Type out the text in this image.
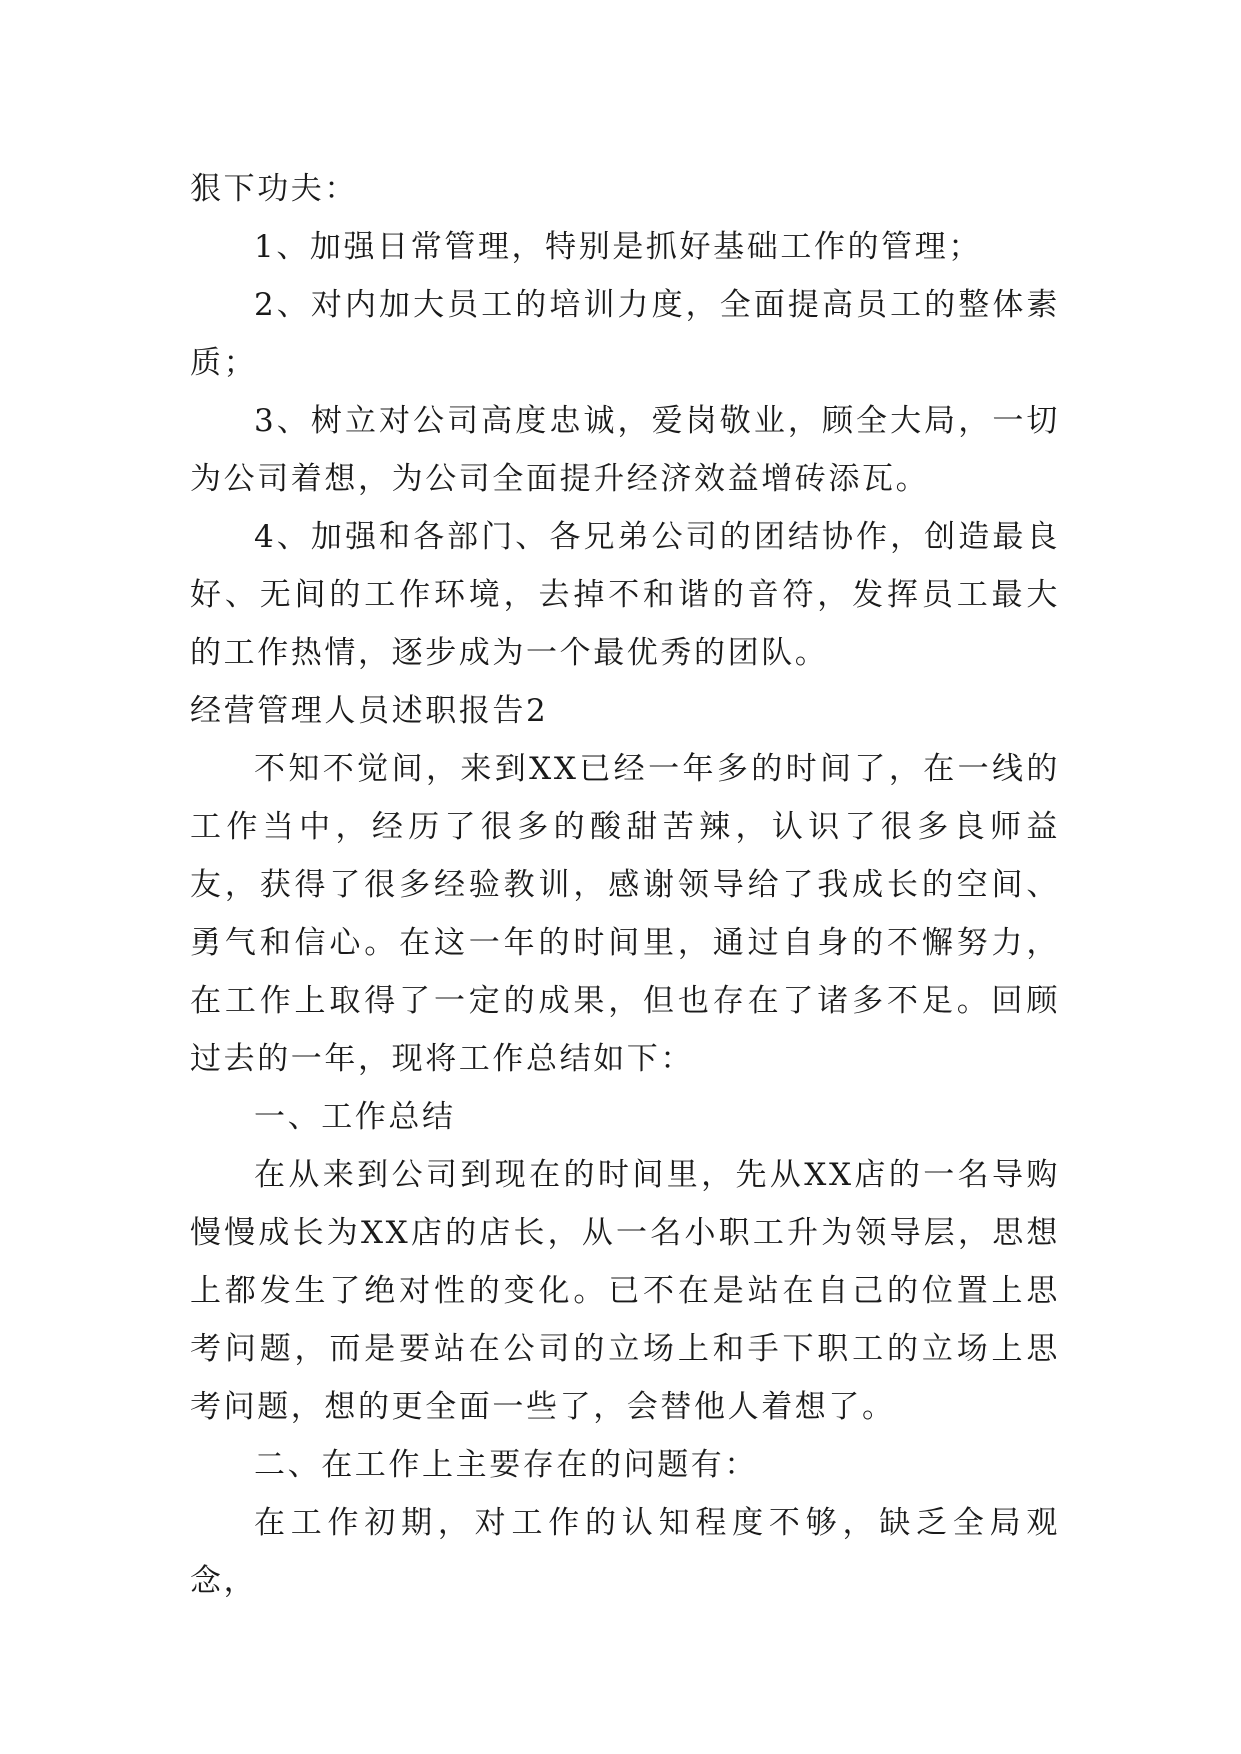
狠下功夫：

1、加强日常管理，特别是抓好基础工作的管理；

2、对内加大员工的培训力度，全面提高员工的整体素质；

3、树立对公司高度忠诚，爱岗敬业，顾全大局，一切为公司着想，为公司全面提升经济效益增砖添瓦。

4、加强和各部门、各兄弟公司的团结协作，创造最良好、无间的工作环境，去掉不和谐的音符，发挥员工最大的工作热情，逐步成为一个最优秀的团队。

经营管理人员述职报告2

不知不觉间，来到XX已经一年多的时间了，在一线的工作当中，经历了很多的酸甜苦辣，认识了很多良师益友，获得了很多经验教训，感谢领导给了我成长的空间、勇气和信心。在这一年的时间里，通过自身的不懈努力，在工作上取得了一定的成果，但也存在了诸多不足。回顾过去的一年，现将工作总结如下：

一、工作总结

在从来到公司到现在的时间里，先从XX店的一名导购慢慢成长为XX店的店长，从一名小职工升为领导层，思想上都发生了绝对性的变化。已不在是站在自己的位置上思考问题，而是要站在公司的立场上和手下职工的立场上思考问题，想的更全面一些了，会替他人着想了。

二、在工作上主要存在的问题有：

在工作初期，对工作的认知程度不够，缺乏全局观念，
